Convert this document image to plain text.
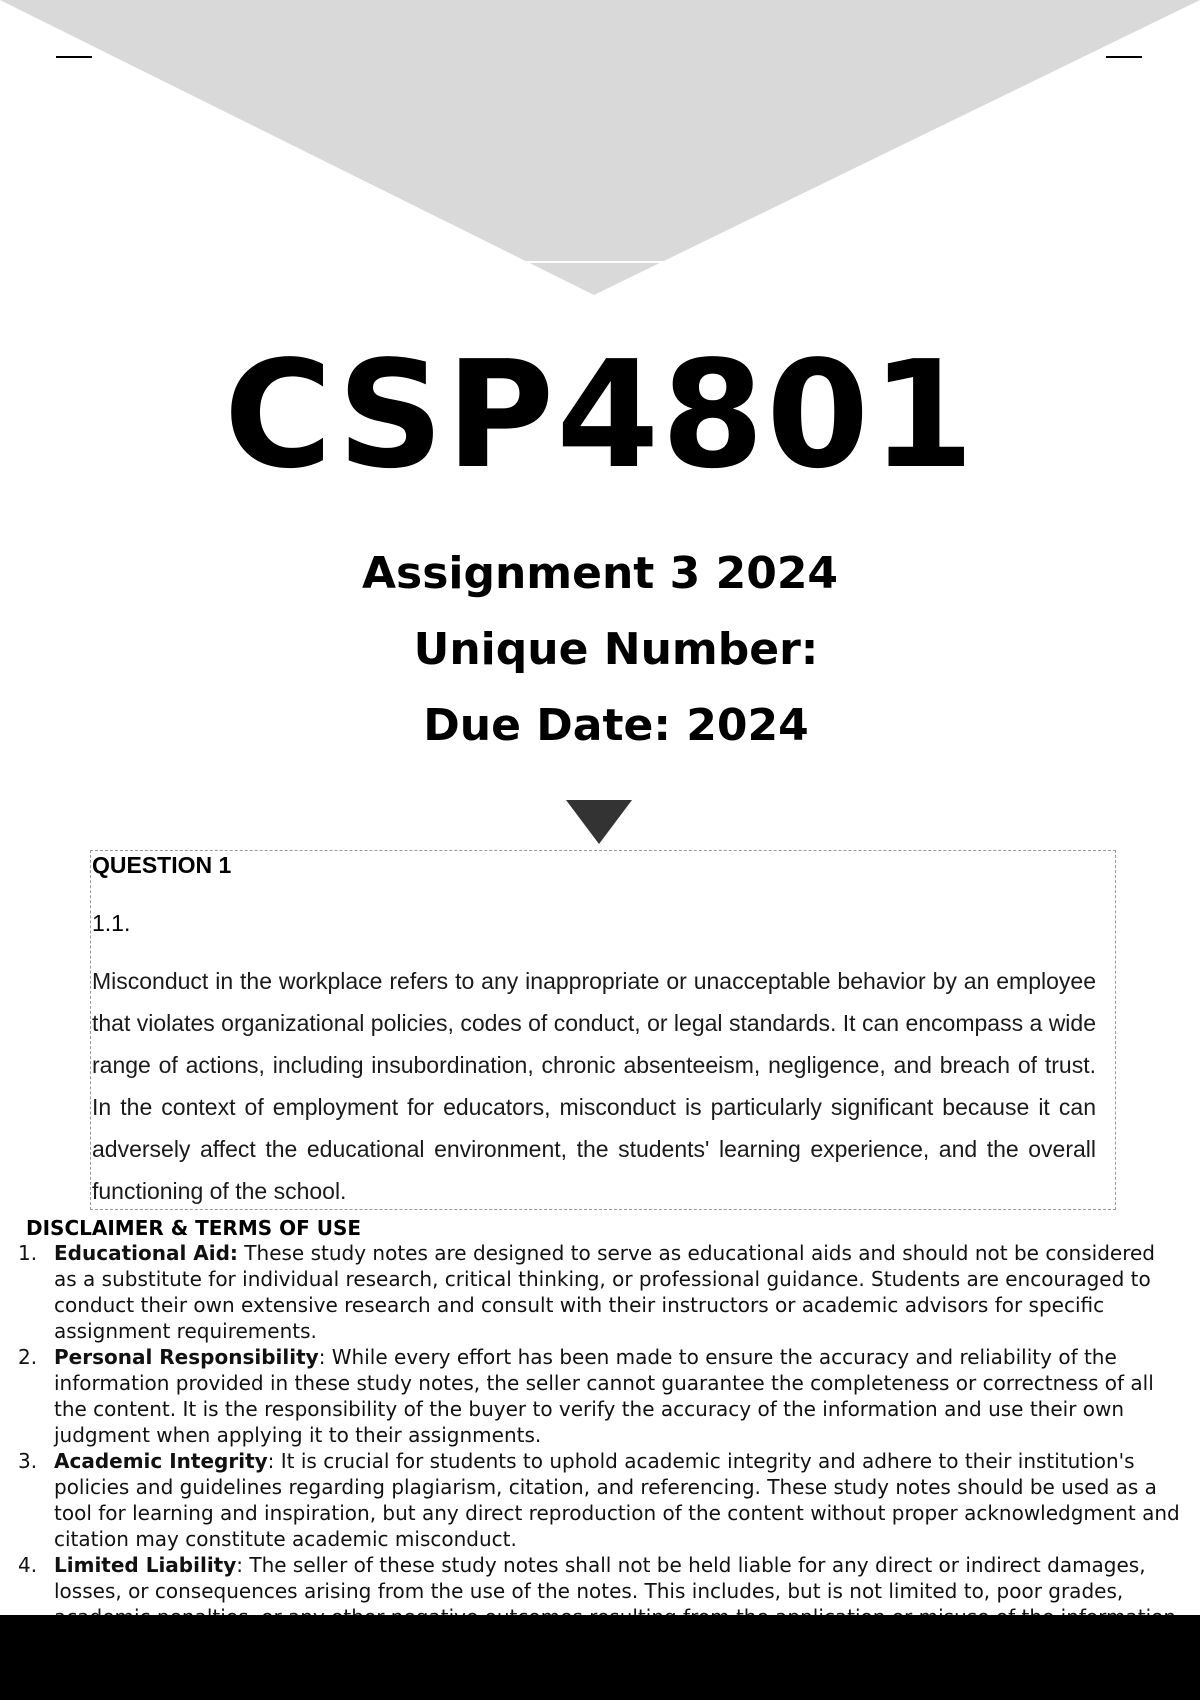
CSP4801
Assignment 3 2024
Unique Number:
Due Date: 2024
QUESTION 1
1.1.
Misconduct in the workplace refers to any inappropriate or unacceptable behavior by an employee that violates organizational policies, codes of conduct, or legal standards. It can encompass a wide range of actions, including insubordination, chronic absenteeism, negligence, and breach of trust. In the context of employment for educators, misconduct is particularly significant because it can adversely affect the educational environment, the students' learning experience, and the overall functioning of the school.
DISCLAIMER & TERMS OF USE
1. Educational Aid: These study notes are designed to serve as educational aids and should not be considered as a substitute for individual research, critical thinking, or professional guidance. Students are encouraged to conduct their own extensive research and consult with their instructors or academic advisors for specific assignment requirements.
2. Personal Responsibility: While every effort has been made to ensure the accuracy and reliability of the information provided in these study notes, the seller cannot guarantee the completeness or correctness of all the content. It is the responsibility of the buyer to verify the accuracy of the information and use their own judgment when applying it to their assignments.
3. Academic Integrity: It is crucial for students to uphold academic integrity and adhere to their institution's policies and guidelines regarding plagiarism, citation, and referencing. These study notes should be used as a tool for learning and inspiration, but any direct reproduction of the content without proper acknowledgment and citation may constitute academic misconduct.
4. Limited Liability: The seller of these study notes shall not be held liable for any direct or indirect damages, losses, or consequences arising from the use of the notes. This includes, but is not limited to, poor grades,
